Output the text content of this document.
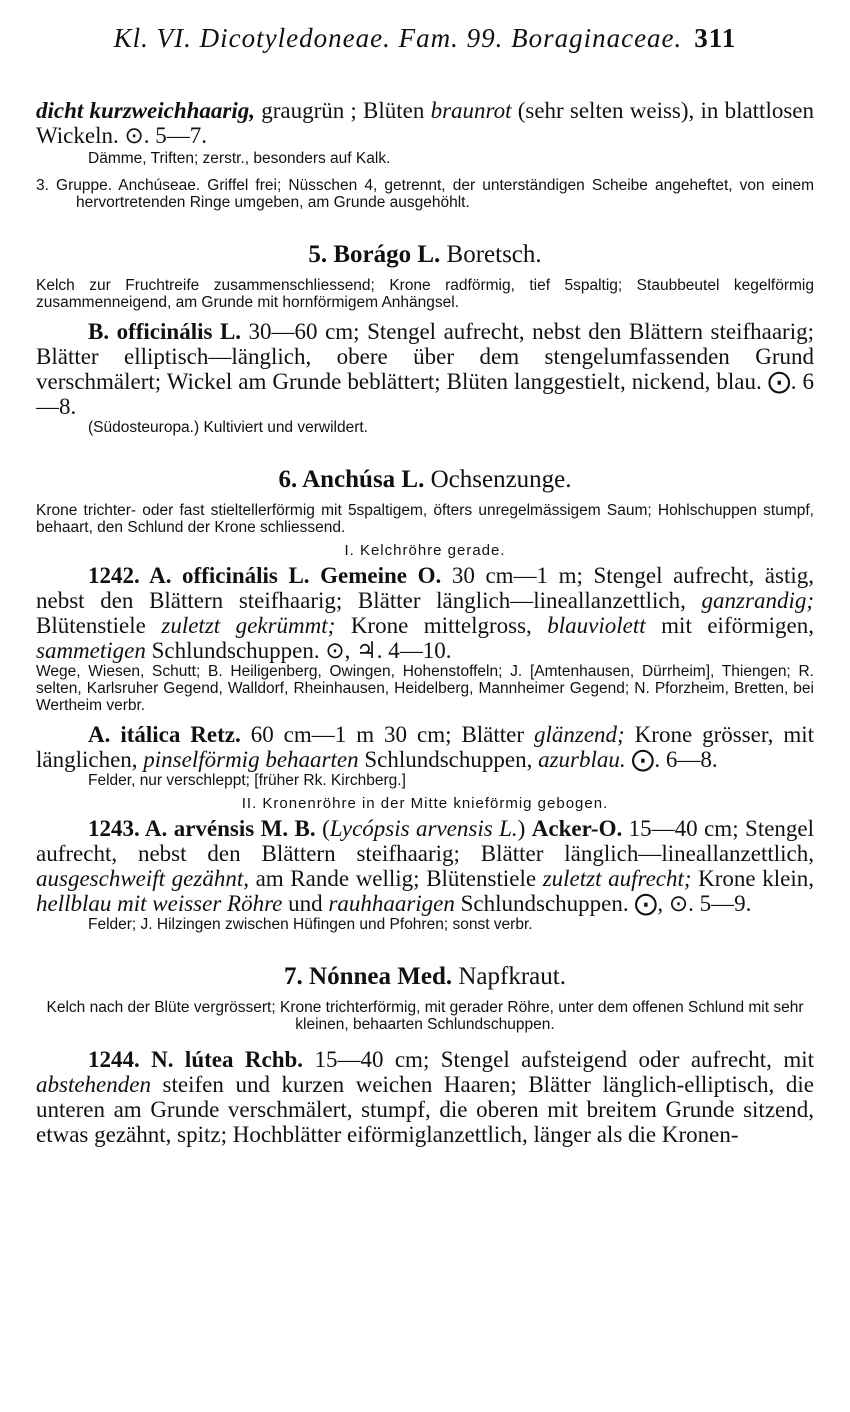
Kl. VI. Dicotyledoneae. Fam. 99. Boraginaceae. 311

dicht kurzweichhaarig, graugrün ; Blüten braunrot (sehr selten weiss), in blattlosen Wickeln. ⊙. 5—7.

Dämme, Triften; zerstr., besonders auf Kalk.

3. Gruppe. Anchúseae. Griffel frei; Nüsschen 4, getrennt, der unterständigen Scheibe angeheftet, von einem hervortretenden Ringe umgeben, am Grunde ausgehöhlt.

5. Borágo L. Boretsch.

Kelch zur Fruchtreife zusammenschliessend; Krone radförmig, tief 5spaltig; Staubbeutel kegelförmig zusammenneigend, am Grunde mit hornförmigem Anhängsel.

B. officinális L. 30—60 cm; Stengel aufrecht, nebst den Blättern steifhaarig; Blätter elliptisch—länglich, obere über dem stengelumfassenden Grund verschmälert; Wickel am Grunde beblättert; Blüten langgestielt, nickend, blau. ⨀. 6—8.

(Südosteuropa.) Kultiviert und verwildert.

6. Anchúsa L. Ochsenzunge.

Krone trichter- oder fast stieltellerförmig mit 5spaltigem, öfters unregelmässigem Saum; Hohlschuppen stumpf, behaart, den Schlund der Krone schliessend.

I. Kelchröhre gerade.

1242. A. officinális L. Gemeine O. 30 cm—1 m; Stengel aufrecht, ästig, nebst den Blättern steifhaarig; Blätter länglich—lineallanzettlich, ganzrandig; Blütenstiele zuletzt gekrümmt; Krone mittelgross, blauviolett mit eiförmigen, sammetigen Schlundschuppen. ⊙, ♃. 4—10.

Wege, Wiesen, Schutt; B. Heiligenberg, Owingen, Hohenstoffeln; J. [Amtenhausen, Dürrheim], Thiengen; R. selten, Karlsruher Gegend, Walldorf, Rheinhausen, Heidelberg, Mannheimer Gegend; N. Pforzheim, Bretten, bei Wertheim verbr.

A. itálica Retz. 60 cm—1 m 30 cm; Blätter glänzend; Krone grösser, mit länglichen, pinselförmig behaarten Schlundschuppen, azurblau. ⨀. 6—8.

Felder, nur verschleppt; [früher Rk. Kirchberg.]

II. Kronenröhre in der Mitte knieförmig gebogen.

1243. A. arvénsis M. B. (Lycópsis arvensis L.) Acker-O. 15—40 cm; Stengel aufrecht, nebst den Blättern steifhaarig; Blätter länglich—lineallanzettlich, ausgeschweift gezähnt, am Rande wellig; Blütenstiele zuletzt aufrecht; Krone klein, hellblau mit weisser Röhre und rauhhaarigen Schlundschuppen. ⨀, ⊙. 5—9.

Felder; J. Hilzingen zwischen Hüfingen und Pfohren; sonst verbr.

7. Nónnea Med. Napfkraut.

Kelch nach der Blüte vergrössert; Krone trichterförmig, mit gerader Röhre, unter dem offenen Schlund mit sehr kleinen, behaarten Schlundschuppen.

1244. N. lútea Rchb. 15—40 cm; Stengel aufsteigend oder aufrecht, mit abstehenden steifen und kurzen weichen Haaren; Blätter länglich-elliptisch, die unteren am Grunde verschmälert, stumpf, die oberen mit breitem Grunde sitzend, etwas gezähnt, spitz; Hochblätter eiförmiglanzettlich, länger als die Kronen-
